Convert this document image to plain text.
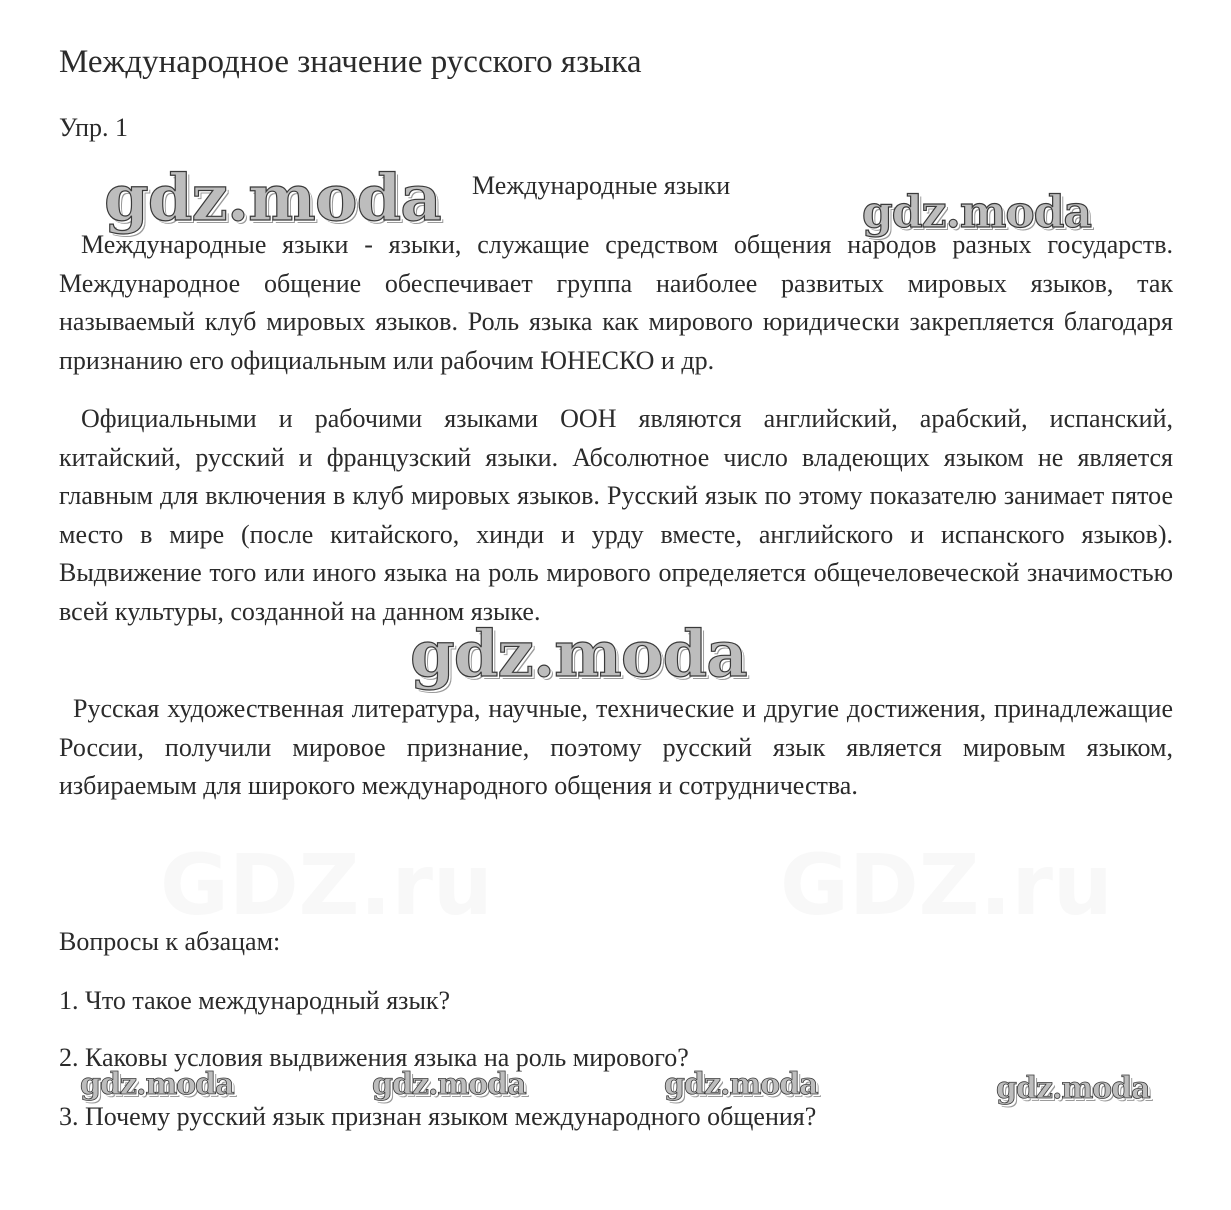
GDZ.ru	GDZ.ru
Международное значение русского языка
Упр. 1
Международные языки

Международные языки - языки, служащие средством общения народов разных государств. Международное общение обеспечивает группа наиболее развитых мировых языков, так называемый клуб мировых языков. Роль языка как мирового юридически закрепляется благодаря признанию его официальным или рабочим ЮНЕСКО и др.

Официальными и рабочими языками ООН являются английский, арабский, испанский, китайский, русский и французский языки. Абсолютное число владеющих языком не является главным для включения в клуб мировых языков. Русский язык по этому показателю занимает пятое место в мире (после китайского, хинди и урду вместе, английского и испанского языков). Выдвижение того или иного языка на роль мирового определяется общечеловеческой значимостью всей культуры, созданной на данном языке.

Русская художественная литература, научные, технические и другие достижения, принадлежащие России, получили мировое признание, поэтому русский язык является мировым языком, избираемым для широкого международного общения и сотрудничества.

Вопросы к абзацам:
1. Что такое международный язык?
2. Каковы условия выдвижения языка на роль мирового?
3. Почему русский язык признан языком международного общения?
gdz.moda	gdz.moda
gdz.moda
gdz.moda	gdz.moda	gdz.moda	gdz.moda
